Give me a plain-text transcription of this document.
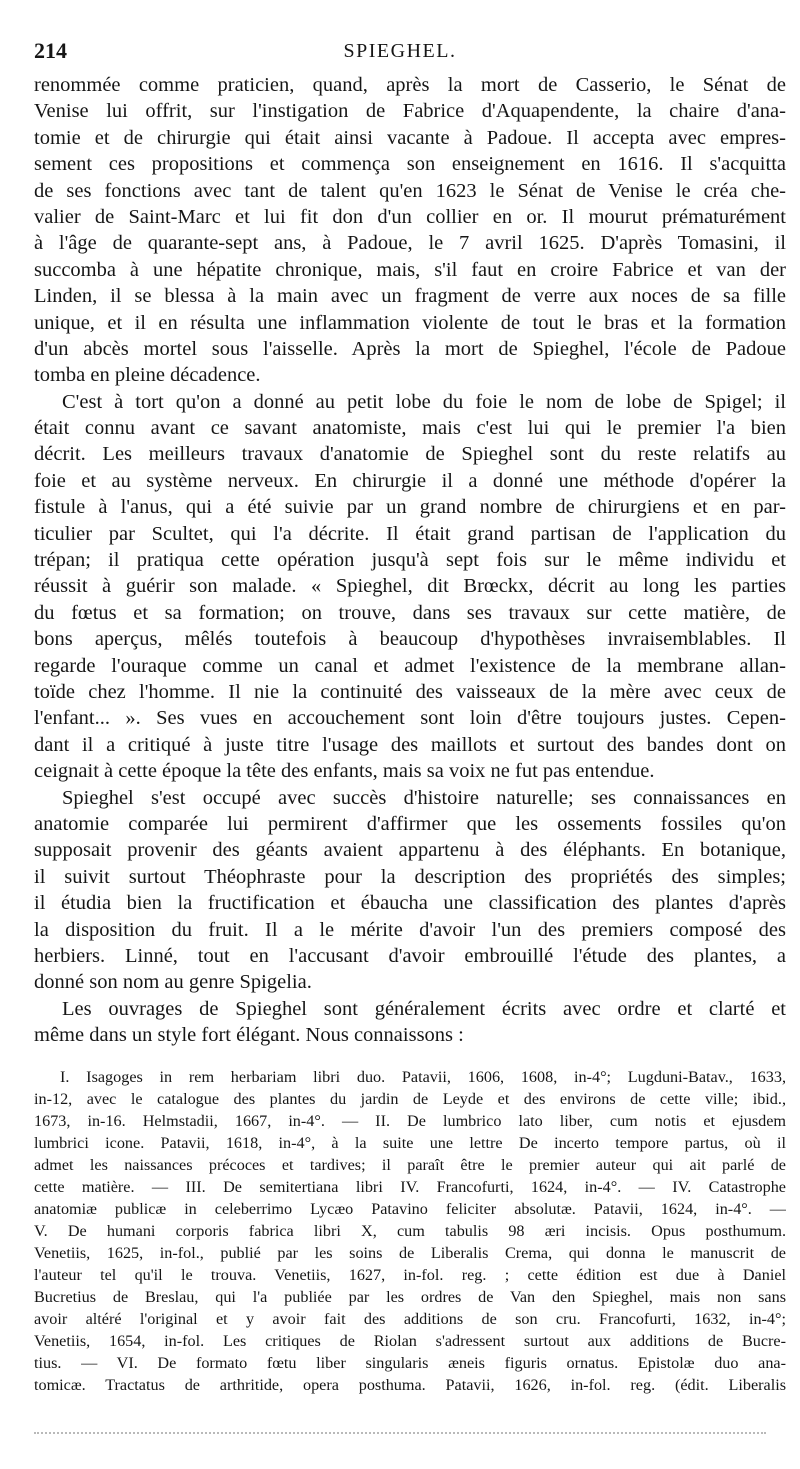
214	SPIEGHEL.
renommée comme praticien, quand, après la mort de Casserio, le Sénat de
Venise lui offrit, sur l'instigation de Fabrice d'Aquapendente, la chaire d'ana-
tomie et de chirurgie qui était ainsi vacante à Padoue. Il accepta avec empres-
sement ces propositions et commença son enseignement en 1616. Il s'acquitta
de ses fonctions avec tant de talent qu'en 1623 le Sénat de Venise le créa che-
valier de Saint-Marc et lui fit don d'un collier en or. Il mourut prématurément
à l'âge de quarante-sept ans, à Padoue, le 7 avril 1625. D'après Tomasini, il
succomba à une hépatite chronique, mais, s'il faut en croire Fabrice et van der
Linden, il se blessa à la main avec un fragment de verre aux noces de sa fille
unique, et il en résulta une inflammation violente de tout le bras et la formation
d'un abcès mortel sous l'aisselle. Après la mort de Spieghel, l'école de Padoue
tomba en pleine décadence.
C'est à tort qu'on a donné au petit lobe du foie le nom de lobe de Spigel; il
était connu avant ce savant anatomiste, mais c'est lui qui le premier l'a bien
décrit. Les meilleurs travaux d'anatomie de Spieghel sont du reste relatifs au
foie et au système nerveux. En chirurgie il a donné une méthode d'opérer la
fistule à l'anus, qui a été suivie par un grand nombre de chirurgiens et en par-
ticulier par Scultet, qui l'a décrite. Il était grand partisan de l'application du
trépan; il pratiqua cette opération jusqu'à sept fois sur le même individu et
réussit à guérir son malade. « Spieghel, dit Brœckx, décrit au long les parties
du fœtus et sa formation; on trouve, dans ses travaux sur cette matière, de
bons aperçus, mêlés toutefois à beaucoup d'hypothèses invraisemblables. Il
regarde l'ouraque comme un canal et admet l'existence de la membrane allan-
toïde chez l'homme. Il nie la continuité des vaisseaux de la mère avec ceux de
l'enfant... ». Ses vues en accouchement sont loin d'être toujours justes. Cepen-
dant il a critiqué à juste titre l'usage des maillots et surtout des bandes dont on
ceignait à cette époque la tête des enfants, mais sa voix ne fut pas entendue.
Spieghel s'est occupé avec succès d'histoire naturelle; ses connaissances en
anatomie comparée lui permirent d'affirmer que les ossements fossiles qu'on
supposait provenir des géants avaient appartenu à des éléphants. En botanique,
il suivit surtout Théophraste pour la description des propriétés des simples;
il étudia bien la fructification et ébaucha une classification des plantes d'après
la disposition du fruit. Il a le mérite d'avoir l'un des premiers composé des
herbiers. Linné, tout en l'accusant d'avoir embrouillé l'étude des plantes, a
donné son nom au genre Spigelia.
Les ouvrages de Spieghel sont généralement écrits avec ordre et clarté et
même dans un style fort élégant. Nous connaissons :
I. Isagoges in rem herbariam libri duo. Patavii, 1606, 1608, in-4°; Lugduni-Batav., 1633,
in-12, avec le catalogue des plantes du jardin de Leyde et des environs de cette ville; ibid.,
1673, in-16. Helmstadii, 1667, in-4°. — II. De lumbrico lato liber, cum notis et ejusdem
lumbrici icone. Patavii, 1618, in-4°, à la suite une lettre De incerto tempore partus, où il
admet les naissances précoces et tardives; il paraît être le premier auteur qui ait parlé de
cette matière. — III. De semitertiana libri IV. Francofurti, 1624, in-4°. — IV. Catastrophe
anatomiæ publicæ in celeberrimo Lycæo Patavino feliciter absolutæ. Patavii, 1624, in-4°. —
V. De humani corporis fabrica libri X, cum tabulis 98 æri incisis. Opus posthumum.
Venetiis, 1625, in-fol., publié par les soins de Liberalis Crema, qui donna le manuscrit de
l'auteur tel qu'il le trouva. Venetiis, 1627, in-fol. reg. ; cette édition est due à Daniel
Bucretius de Breslau, qui l'a publiée par les ordres de Van den Spieghel, mais non sans
avoir altéré l'original et y avoir fait des additions de son cru. Francofurti, 1632, in-4°;
Venetiis, 1654, in-fol. Les critiques de Riolan s'adressent surtout aux additions de Bucre-
tius. — VI. De formato fœtu liber singularis æneis figuris ornatus. Epistolæ duo ana-
tomicæ. Tractatus de arthritide, opera posthuma. Patavii, 1626, in-fol. reg. (édit. Liberalis
